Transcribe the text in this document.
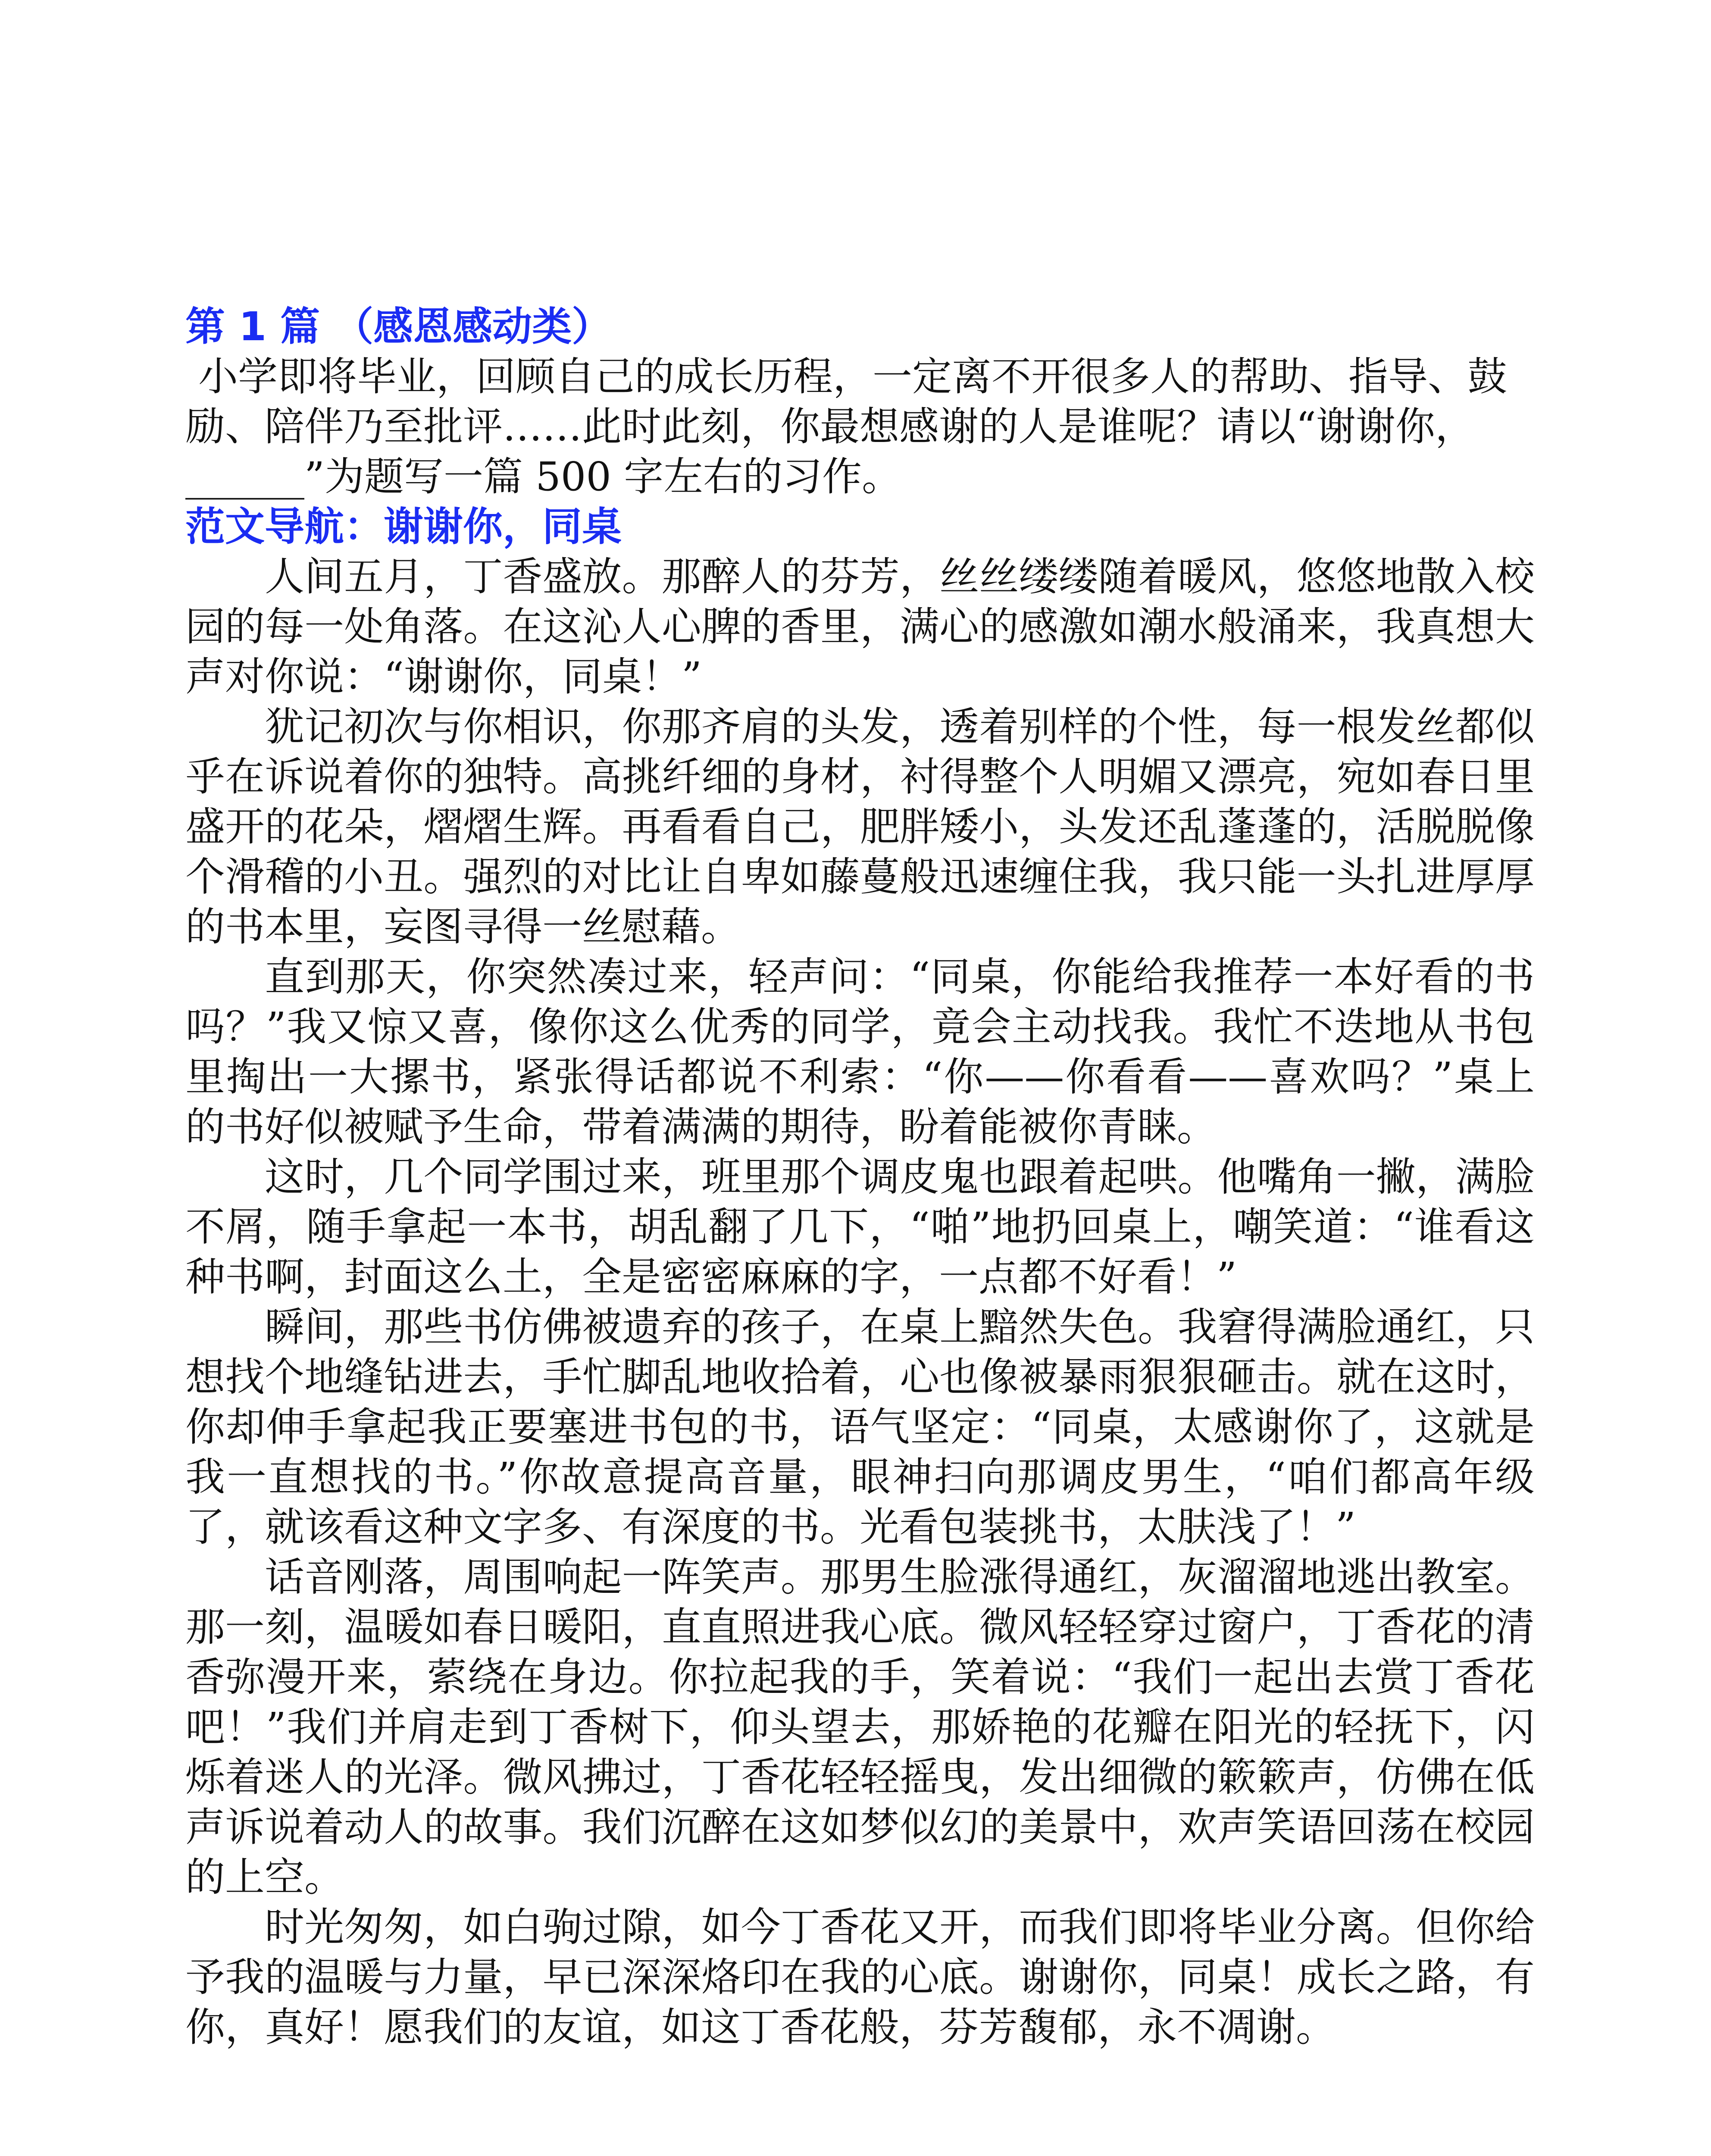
第 1 篇 （感恩感动类）

小学即将毕业，回顾自己的成长历程，一定离不开很多人的帮助、指导、鼓励、陪伴乃至批评……此时此刻，你最想感谢的人是谁呢？请以“谢谢你，______”为题写一篇 500 字左右的习作。

范文导航：谢谢你，同桌

人间五月，丁香盛放。那醉人的芬芳，丝丝缕缕随着暖风，悠悠地散入校园的每一处角落。在这沁人心脾的香里，满心的感激如潮水般涌来，我真想大声对你说：“谢谢你，同桌！”

犹记初次与你相识，你那齐肩的头发，透着别样的个性，每一根发丝都似乎在诉说着你的独特。高挑纤细的身材，衬得整个人明媚又漂亮，宛如春日里盛开的花朵，熠熠生辉。再看看自己，肥胖矮小，头发还乱蓬蓬的，活脱脱像个滑稽的小丑。强烈的对比让自卑如藤蔓般迅速缠住我，我只能一头扎进厚厚的书本里，妄图寻得一丝慰藉。

直到那天，你突然凑过来，轻声问：“同桌，你能给我推荐一本好看的书吗？”我又惊又喜，像你这么优秀的同学，竟会主动找我。我忙不迭地从书包里掏出一大摞书，紧张得话都说不利索：“你——你看看——喜欢吗？”桌上的书好似被赋予生命，带着满满的期待，盼着能被你青睐。

这时，几个同学围过来，班里那个调皮鬼也跟着起哄。他嘴角一撇，满脸不屑，随手拿起一本书，胡乱翻了几下，“啪”地扔回桌上，嘲笑道：“谁看这种书啊，封面这么土，全是密密麻麻的字，一点都不好看！”

瞬间，那些书仿佛被遗弃的孩子，在桌上黯然失色。我窘得满脸通红，只想找个地缝钻进去，手忙脚乱地收拾着，心也像被暴雨狠狠砸击。就在这时，你却伸手拿起我正要塞进书包的书，语气坚定：“同桌，太感谢你了，这就是我一直想找的书。”你故意提高音量，眼神扫向那调皮男生，“咱们都高年级了，就该看这种文字多、有深度的书。光看包装挑书，太肤浅了！”

话音刚落，周围响起一阵笑声。那男生脸涨得通红，灰溜溜地逃出教室。那一刻，温暖如春日暖阳，直直照进我心底。微风轻轻穿过窗户，丁香花的清香弥漫开来，萦绕在身边。你拉起我的手，笑着说：“我们一起出去赏丁香花吧！”我们并肩走到丁香树下，仰头望去，那娇艳的花瓣在阳光的轻抚下，闪烁着迷人的光泽。微风拂过，丁香花轻轻摇曳，发出细微的簌簌声，仿佛在低声诉说着动人的故事。我们沉醉在这如梦似幻的美景中，欢声笑语回荡在校园的上空。

时光匆匆，如白驹过隙，如今丁香花又开，而我们即将毕业分离。但你给予我的温暖与力量，早已深深烙印在我的心底。谢谢你，同桌！成长之路，有你，真好！愿我们的友谊，如这丁香花般，芬芳馥郁，永不凋谢。
